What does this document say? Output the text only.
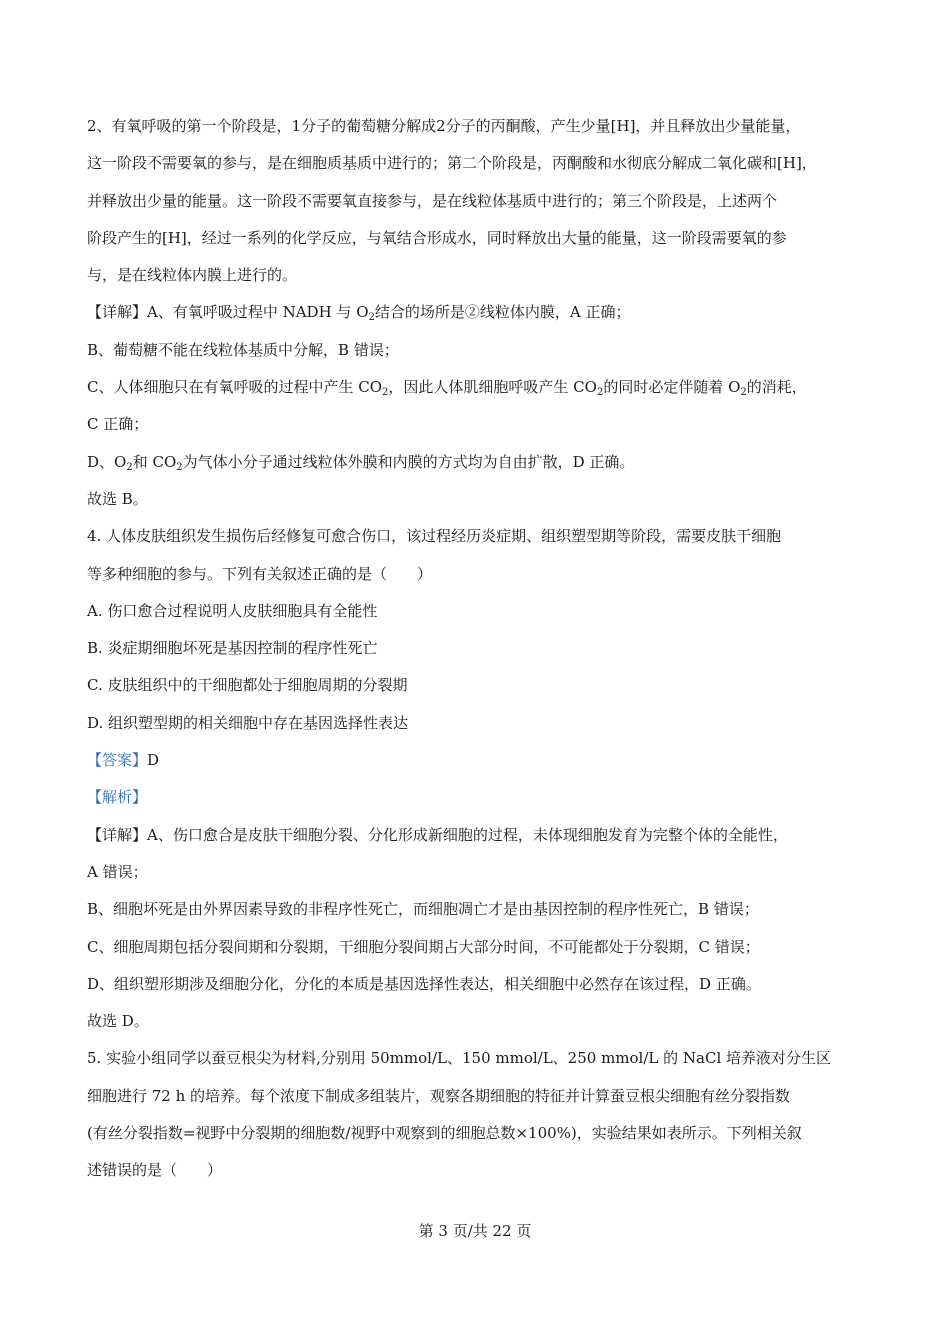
2、有氧呼吸的第一个阶段是，1分子的葡萄糖分解成2分子的丙酮酸，产生少量[H]，并且释放出少量能量，
这一阶段不需要氧的参与，是在细胞质基质中进行的；第二个阶段是，丙酮酸和水彻底分解成二氧化碳和[H]，
并释放出少量的能量。这一阶段不需要氧直接参与，是在线粒体基质中进行的；第三个阶段是，上述两个
阶段产生的[H]，经过一系列的化学反应，与氧结合形成水，同时释放出大量的能量，这一阶段需要氧的参
与，是在线粒体内膜上进行的。
【详解】A、有氧呼吸过程中 NADH 与 $O_2$结合的场所是②线粒体内膜，A 正确；
B、葡萄糖不能在线粒体基质中分解，B 错误；
C、人体细胞只在有氧呼吸的过程中产生 $CO_2$，因此人体肌细胞呼吸产生 $CO_2$的同时必定伴随着 $O_2$的消耗，
C 正确；
D、$O_2$和 $CO_2$为气体小分子通过线粒体外膜和内膜的方式均为自由扩散，D 正确。
故选 B。
4. 人体皮肤组织发生损伤后经修复可愈合伤口，该过程经历炎症期、组织塑型期等阶段，需要皮肤干细胞
等多种细胞的参与。下列有关叙述正确的是（　　）
A. 伤口愈合过程说明人皮肤细胞具有全能性
B. 炎症期细胞坏死是基因控制的程序性死亡
C. 皮肤组织中的干细胞都处于细胞周期的分裂期
D. 组织塑型期的相关细胞中存在基因选择性表达
【答案】D
【解析】
【详解】A、伤口愈合是皮肤干细胞分裂、分化形成新细胞的过程，未体现细胞发育为完整个体的全能性，
A 错误；
B、细胞坏死是由外界因素导致的非程序性死亡，而细胞凋亡才是由基因控制的程序性死亡，B 错误；
C、细胞周期包括分裂间期和分裂期，干细胞分裂间期占大部分时间，不可能都处于分裂期，C 错误；
D、组织塑形期涉及细胞分化，分化的本质是基因选择性表达，相关细胞中必然存在该过程，D 正确。
故选 D。
5. 实验小组同学以蚕豆根尖为材料,分别用 50mmol/L、150 mmol/L、250 mmol/L 的 NaCl 培养液对分生区
细胞进行 72 h 的培养。每个浓度下制成多组装片，观察各期细胞的特征并计算蚕豆根尖细胞有丝分裂指数
(有丝分裂指数=视野中分裂期的细胞数/视野中观察到的细胞总数×100%)，实验结果如表所示。下列相关叙
述错误的是（　　）
第 3 页/共 22 页
